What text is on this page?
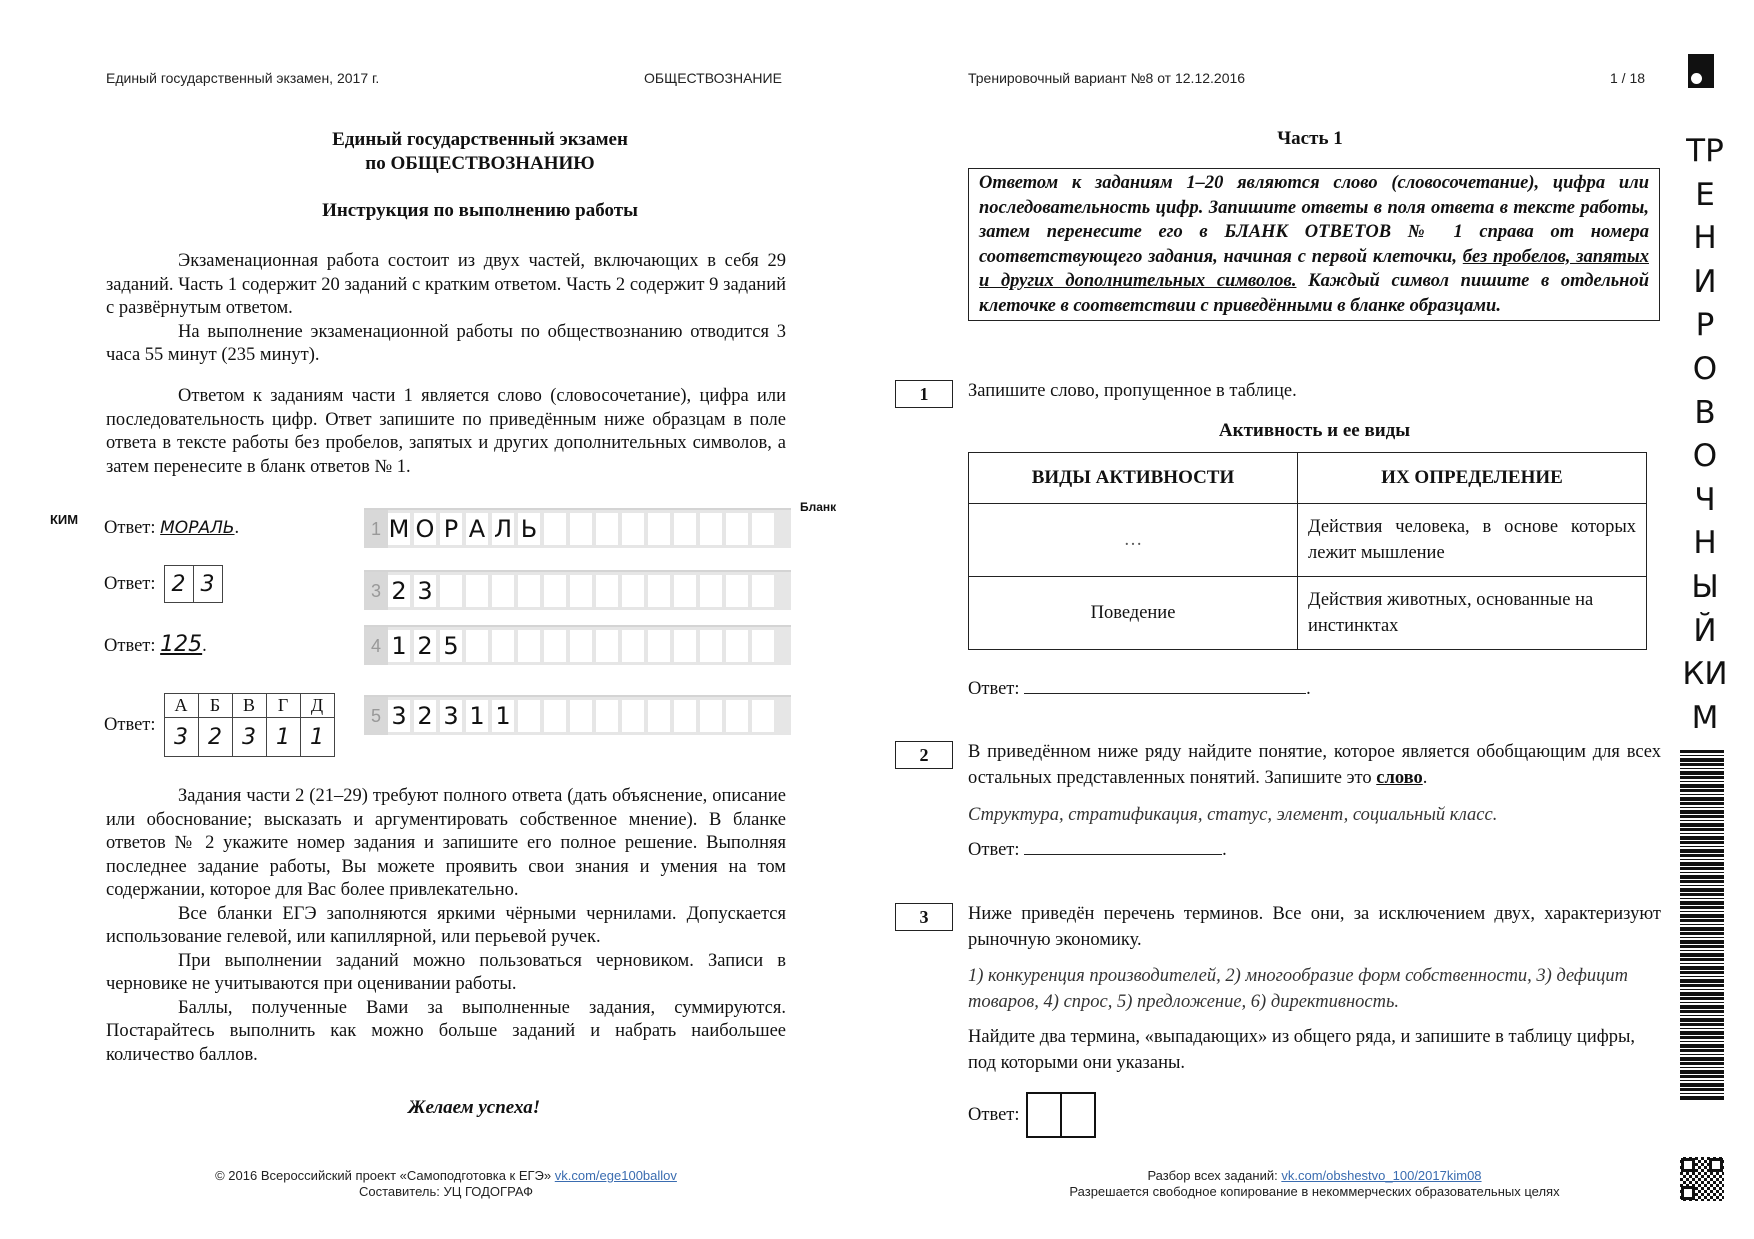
Единый государственный экзамен, 2017 г.	ОБЩЕСТВОЗНАНИЕ	Тренировочный вариант №8 от 12.12.2016	1 / 18
Единый государственный экзамен
по ОБЩЕСТВОЗНАНИЮ
Инструкция по выполнению работы
Экзаменационная работа состоит из двух частей, включающих в себя 29 заданий. Часть 1 содержит 20 заданий с кратким ответом. Часть 2 содержит 9 заданий с развёрнутым ответом.
На выполнение экзаменационной работы по обществознанию отводится 3 часа 55 минут (235 минут).
Ответом к заданиям части 1 является слово (словосочетание), цифра или последовательность цифр. Ответ запишите по приведённым ниже образцам в поле ответа в тексте работы без пробелов, запятых и других дополнительных символов, а затем перенесите в бланк ответов № 1.
КИМ
Бланк
Ответ: МОРАЛЬ.	1 М О Р А Л Ь
Ответ: 2 3	3 2 3
Ответ: 125.	4 1 2 5
Ответ:
А	Б	В	Г	Д
3	2	3	1	1
5 3 2 3 1 1
Задания части 2 (21–29) требуют полного ответа (дать объяснение, описание или обоснование; высказать и аргументировать собственное мнение). В бланке ответов № 2 укажите номер задания и запишите его полное решение. Выполняя последнее задание работы, Вы можете проявить свои знания и умения на том содержании, которое для Вас более привлекательно.
Все бланки ЕГЭ заполняются яркими чёрными чернилами. Допускается использование гелевой, или капиллярной, или перьевой ручек.
При выполнении заданий можно пользоваться черновиком. Записи в черновике не учитываются при оценивании работы.
Баллы, полученные Вами за выполненные задания, суммируются. Постарайтесь выполнить как можно больше заданий и набрать наибольшее количество баллов.
Желаем успеха!
© 2016 Всероссийский проект «Самоподготовка к ЕГЭ» vk.com/ege100ballov
Составитель: УЦ ГОДОГРАФ
Часть 1
Ответом к заданиям 1–20 являются слово (словосочетание), цифра или последовательность цифр. Запишите ответы в поля ответа в тексте работы, затем перенесите его в БЛАНК ОТВЕТОВ № 1 справа от номера соответствующего задания, начиная с первой клеточки, без пробелов, запятых и других дополнительных символов. Каждый символ пишите в отдельной клеточке в соответствии с приведёнными в бланке образцами.
1	Запишите слово, пропущенное в таблице.
Активность и ее виды
ВИДЫ АКТИВНОСТИ	ИХ ОПРЕДЕЛЕНИЕ
…	Действия человека, в основе которых лежит мышление
Поведение	Действия животных, основанные на инстинктах
Ответ:	.
2	В приведённом ниже ряду найдите понятие, которое является обобщающим для всех остальных представленных понятий. Запишите это слово.
Структура, стратификация, статус, элемент, социальный класс.
Ответ:	.
3	Ниже приведён перечень терминов. Все они, за исключением двух, характеризуют рыночную экономику.
1) конкуренция производителей, 2) многообразие форм собственности, 3) дефицит товаров, 4) спрос, 5) предложение, 6) директивность.
Найдите два термина, «выпадающих» из общего ряда, и запишите в таблицу цифры, под которыми они указаны.
Ответ:
Разбор всех заданий: vk.com/obshestvo_100/2017kim08
Разрешается свободное копирование в некоммерческих образовательных целях
ТР
Е
Н
И
Р
О
В
О
Ч
Н
Ы
Й
КИ
М
